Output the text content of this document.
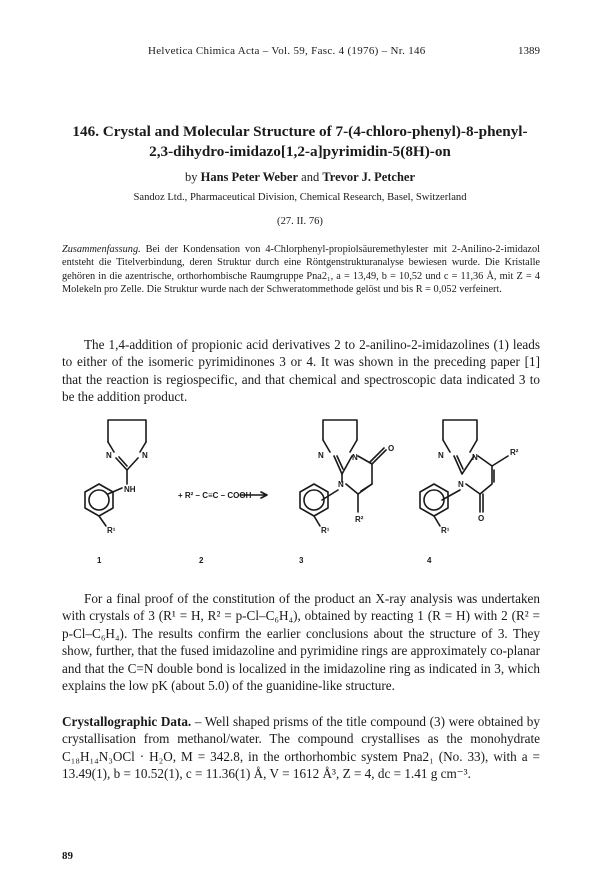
Helvetica Chimica Acta – Vol. 59, Fasc. 4 (1976) – Nr. 146	1389
146. Crystal and Molecular Structure of 7-(4-chloro-phenyl)-8-phenyl-
2,3-dihydro-imidazo[1,2-a]pyrimidin-5(8H)-on
by Hans Peter Weber and Trevor J. Petcher
Sandoz Ltd., Pharmaceutical Division, Chemical Research, Basel, Switzerland
(27. II. 76)
Zusammenfassung. Bei der Kondensation von 4-Chlorphenyl-propiolsäuremethylester mit 2-Anilino-2-imidazol entsteht die Titelverbindung, deren Struktur durch eine Röntgenstrukturanalyse bewiesen wurde. Die Kristalle gehören in die azentrische, orthorhombische Raumgruppe Pna2₁, a = 13,49, b = 10,52 und c = 11,36 Å, mit Z = 4 Molekeln pro Zelle. Die Struktur wurde nach der Schweratommethode gelöst und bis R = 0,052 verfeinert.
The 1,4-addition of propionic acid derivatives 2 to 2-anilino-2-imidazolines (1) leads to either of the isomeric pyrimidinones 3 or 4. It was shown in the preceding paper [1] that the reaction is regiospecific, and that chemical and spectroscopic data indicated 3 to be the addition product.
N	N
NH
R¹
+ R² – C≡C – COOH
N	N
N
O
R²
R¹
N	N
N
R²
O
R¹
1	2	3	4
For a final proof of the constitution of the product an X-ray analysis was undertaken with crystals of 3 (R¹ = H, R² = p-Cl–C₆H₄), obtained by reacting 1 (R = H) with 2 (R² = p-Cl–C₆H₄). The results confirm the earlier conclusions about the structure of 3. They show, further, that the fused imidazoline and pyrimidine rings are approximately co-planar and that the C=N double bond is localized in the imidazoline ring as indicated in 3, which explains the low pK (about 5.0) of the guanidine-like structure.
Crystallographic Data. – Well shaped prisms of the title compound (3) were obtained by crystallisation from methanol/water. The compound crystallises as the monohydrate C₁₈H₁₄N₃OCl · H₂O, M = 342.8, in the orthorhombic system Pna2₁ (No. 33), with a = 13.49(1), b = 10.52(1), c = 11.36(1) Å, V = 1612 Å³, Z = 4, dc = 1.41 g cm⁻³.
89
